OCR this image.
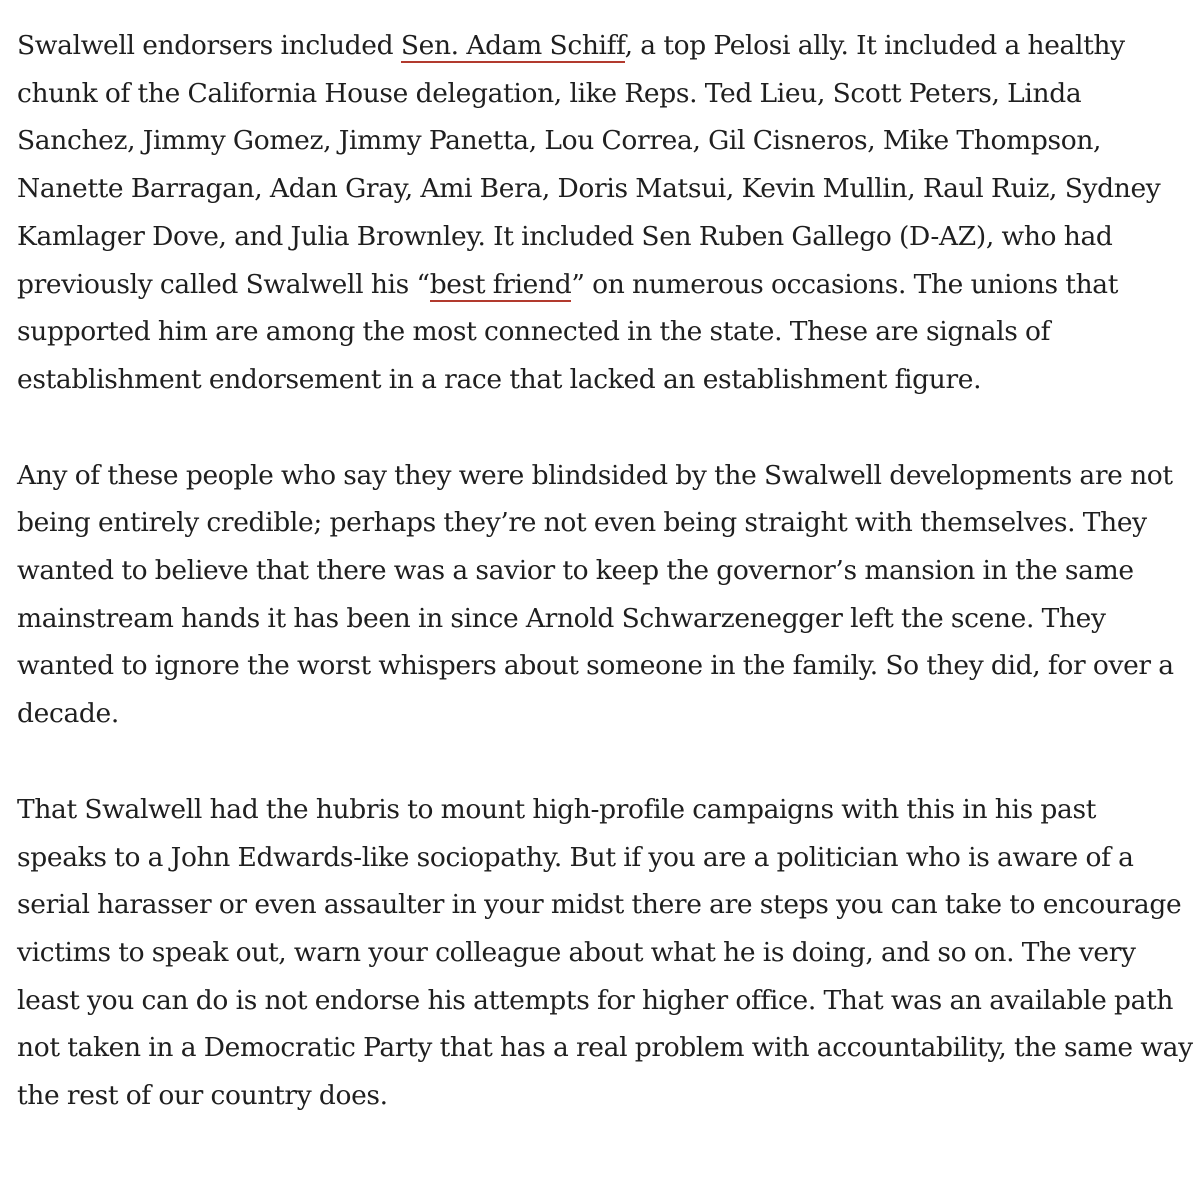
Swalwell endorsers included Sen. Adam Schiff, a top Pelosi ally. It included a healthy chunk of the California House delegation, like Reps. Ted Lieu, Scott Peters, Linda Sanchez, Jimmy Gomez, Jimmy Panetta, Lou Correa, Gil Cisneros, Mike Thompson, Nanette Barragan, Adan Gray, Ami Bera, Doris Matsui, Kevin Mullin, Raul Ruiz, Sydney Kamlager Dove, and Julia Brownley. It included Sen Ruben Gallego (D-AZ), who had previously called Swalwell his “best friend” on numerous occasions. The unions that supported him are among the most connected in the state. These are signals of establishment endorsement in a race that lacked an establishment figure.

Any of these people who say they were blindsided by the Swalwell developments are not being entirely credible; perhaps they’re not even being straight with themselves. They wanted to believe that there was a savior to keep the governor’s mansion in the same mainstream hands it has been in since Arnold Schwarzenegger left the scene. They wanted to ignore the worst whispers about someone in the family. So they did, for over a decade.

That Swalwell had the hubris to mount high-profile campaigns with this in his past speaks to a John Edwards-like sociopathy. But if you are a politician who is aware of a serial harasser or even assaulter in your midst there are steps you can take to encourage victims to speak out, warn your colleague about what he is doing, and so on. The very least you can do is not endorse his attempts for higher office. That was an available path not taken in a Democratic Party that has a real problem with accountability, the same way the rest of our country does.
